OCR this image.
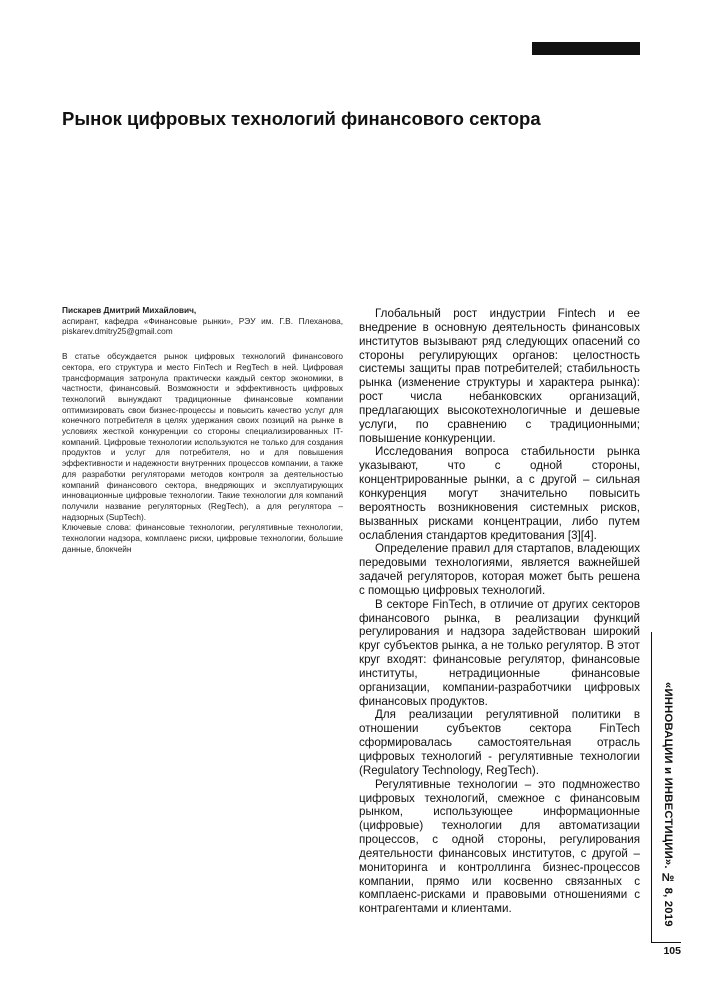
Рынок цифровых технологий финансового сектора

Пискарев Дмитрий Михайлович,

аспирант, кафедра «Финансовые рынки», РЭУ им. Г.В. Плеханова, piskarev.dmitry25@gmail.com

В статье обсуждается рынок цифровых технологий финансового сектора, его структура и место FinTech и RegTech в ней. Цифровая трансформация затронула практически каждый сектор экономики, в частности, финансовый. Возможности и эффективность цифровых технологий вынуждают традиционные финансовые компании оптимизировать свои бизнес-процессы и повысить качество услуг для конечного потребителя в целях удержания своих позиций на рынке в условиях жесткой конкуренции со стороны специализированных IT-компаний. Цифровые технологии используются не только для создания продуктов и услуг для потребителя, но и для повышения эффективности и надежности внутренних процессов компании, а также для разработки регуляторами методов контроля за деятельностью компаний финансового сектора, внедряющих и эксплуатирующих инновационные цифровые технологии. Такие технологии для компаний получили название регуляторных (RegTech), а для регулятора – надзорных (SupTech).

Ключевые слова: финансовые технологии, регулятивные технологии, технологии надзора, комплаенс риски, цифровые технологии, большие данные, блокчейн

Глобальный рост индустрии Fintech и ее внедрение в основную деятельность финансовых институтов вызывают ряд следующих опасений со стороны регулирующих органов: целостность системы защиты прав потребителей; стабильность рынка (изменение структуры и характера рынка): рост числа небанковских организаций, предлагающих высокотехнологичные и дешевые услуги, по сравнению с традиционными; повышение конкуренции.

Исследования вопроса стабильности рынка указывают, что с одной стороны, концентрированные рынки, а с другой – сильная конкуренция могут значительно повысить вероятность возникновения системных рисков, вызванных рисками концентрации, либо путем ослабления стандартов кредитования [3][4].

Определение правил для стартапов, владеющих передовыми технологиями, является важнейшей задачей регуляторов, которая может быть решена с помощью цифровых технологий.

В секторе FinTech, в отличие от других секторов финансового рынка, в реализации функций регулирования и надзора задействован широкий круг субъектов рынка, а не только регулятор. В этот круг входят: финансовые регулятор, финансовые институты, нетрадиционные финансовые организации, компании-разработчики цифровых финансовых продуктов.

Для реализации регулятивной политики в отношении субъектов сектора FinTech сформировалась самостоятельная отрасль цифровых технологий - регулятивные технологии (Regulatory Technology, RegTech).

Регулятивные технологии – это подмножество цифровых технологий, смежное с финансовым рынком, использующее информационные (цифровые) технологии для автоматизации процессов, с одной стороны, регулирования деятельности финансовых институтов, с другой – мониторинга и контроллинга бизнес-процессов компании, прямо или косвенно связанных с комплаенс-рисками и правовыми отношениями с контрагентами и клиентами.	«ИННОВАЦИИ и ИНВЕСТИЦИИ». № 8, 2019
105
